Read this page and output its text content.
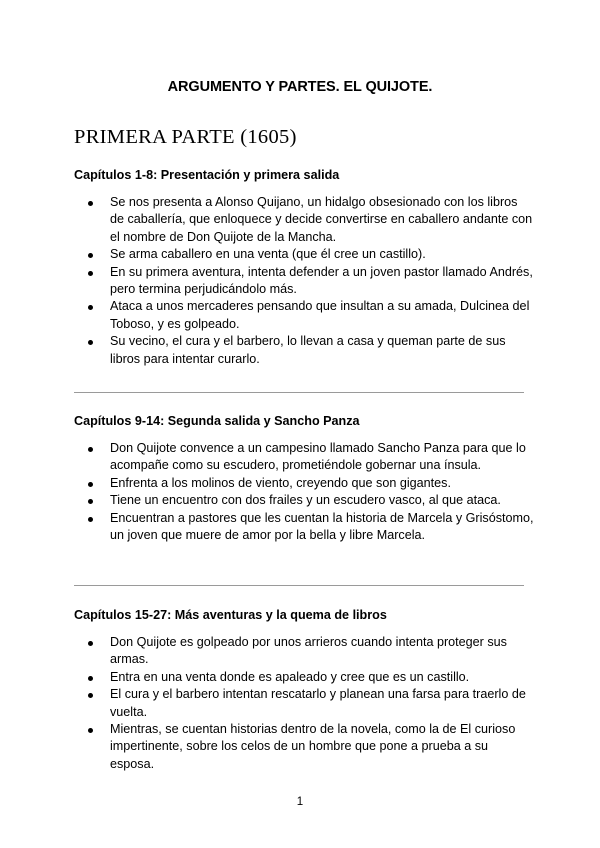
ARGUMENTO Y PARTES. EL QUIJOTE.
PRIMERA PARTE (1605)
Capítulos 1-8: Presentación y primera salida
Se nos presenta a Alonso Quijano, un hidalgo obsesionado con los libros de caballería, que enloquece y decide convertirse en caballero andante con el nombre de Don Quijote de la Mancha.
Se arma caballero en una venta (que él cree un castillo).
En su primera aventura, intenta defender a un joven pastor llamado Andrés, pero termina perjudicándolo más.
Ataca a unos mercaderes pensando que insultan a su amada, Dulcinea del Toboso, y es golpeado.
Su vecino, el cura y el barbero, lo llevan a casa y queman parte de sus libros para intentar curarlo.
Capítulos 9-14: Segunda salida y Sancho Panza
Don Quijote convence a un campesino llamado Sancho Panza para que lo acompañe como su escudero, prometiéndole gobernar una ínsula.
Enfrenta a los molinos de viento, creyendo que son gigantes.
Tiene un encuentro con dos frailes y un escudero vasco, al que ataca.
Encuentran a pastores que les cuentan la historia de Marcela y Grisóstomo, un joven que muere de amor por la bella y libre Marcela.
Capítulos 15-27: Más aventuras y la quema de libros
Don Quijote es golpeado por unos arrieros cuando intenta proteger sus armas.
Entra en una venta donde es apaleado y cree que es un castillo.
El cura y el barbero intentan rescatarlo y planean una farsa para traerlo de vuelta.
Mientras, se cuentan historias dentro de la novela, como la de El curioso impertinente, sobre los celos de un hombre que pone a prueba a su esposa.
1
